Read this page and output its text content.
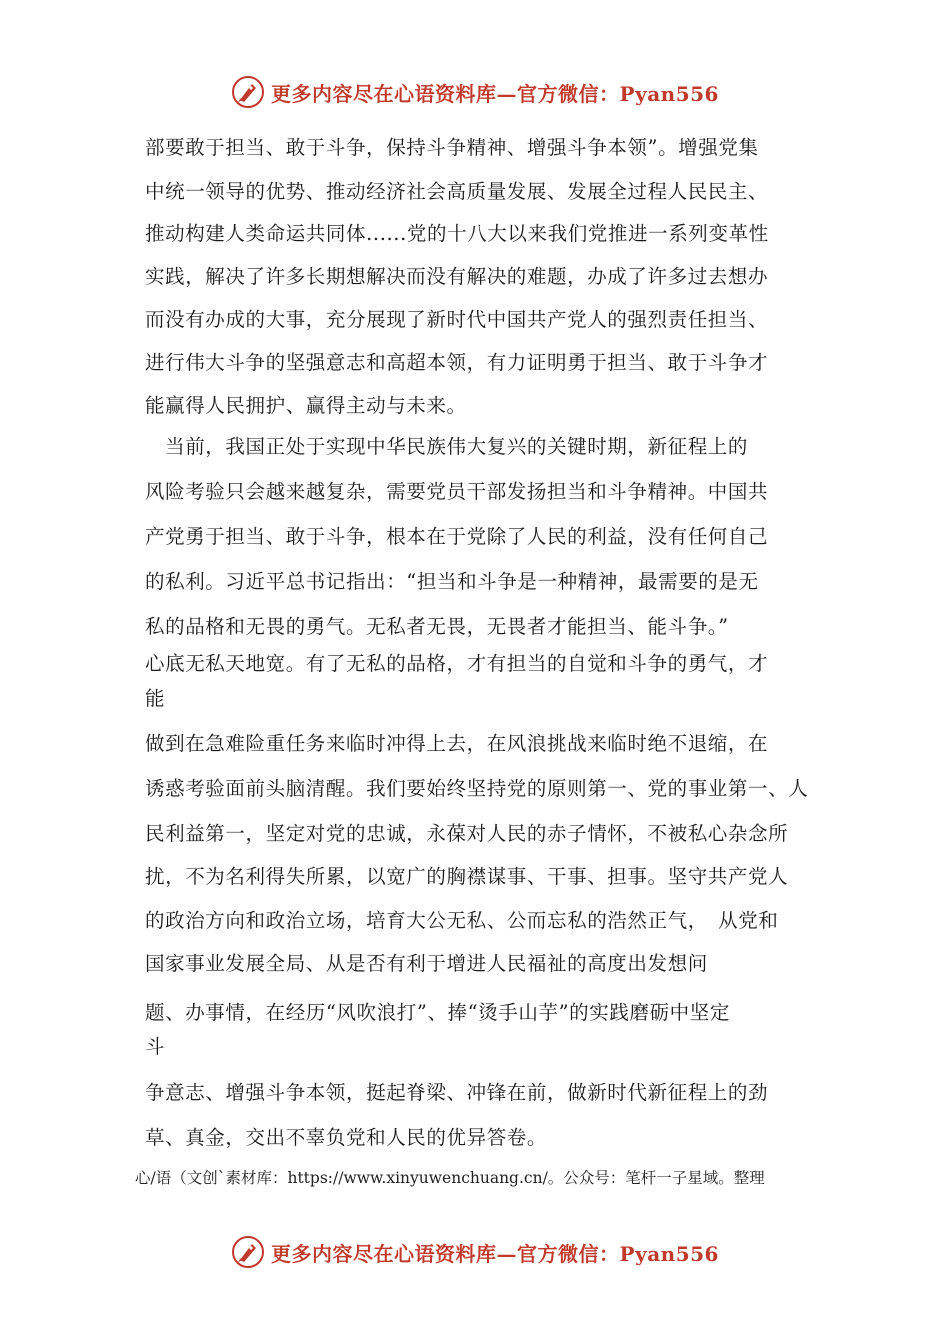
更多内容尽在心语资料库—官方微信：Pyan556
部要敢于担当、敢于斗争，保持斗争精神、增强斗争本领”。增强党集
中统一领导的优势、推动经济社会高质量发展、发展全过程人民民主、
推动构建人类命运共同体......党的十八大以来我们党推进一系列变革性
实践，解决了许多长期想解决而没有解决的难题，办成了许多过去想办
而没有办成的大事，充分展现了新时代中国共产党人的强烈责任担当、
进行伟大斗争的坚强意志和高超本领，有力证明勇于担当、敢于斗争才
能赢得人民拥护、赢得主动与未来。
　当前，我国正处于实现中华民族伟大复兴的关键时期，新征程上的
风险考验只会越来越复杂，需要党员干部发扬担当和斗争精神。中国共
产党勇于担当、敢于斗争，根本在于党除了人民的利益，没有任何自己
的私利。习近平总书记指出：“担当和斗争是一种精神，最需要的是无
私的品格和无畏的勇气。无私者无畏，无畏者才能担当、能斗争。”
心底无私天地宽。有了无私的品格，才有担当的自觉和斗争的勇气，才
能
做到在急难险重任务来临时冲得上去，在风浪挑战来临时绝不退缩，在
诱惑考验面前头脑清醒。我们要始终坚持党的原则第一、党的事业第一、人
民利益第一，坚定对党的忠诚，永葆对人民的赤子情怀，不被私心杂念所
扰，不为名利得失所累，以宽广的胸襟谋事、干事、担事。坚守共产党人
的政治方向和政治立场，培育大公无私、公而忘私的浩然正气，　从党和
国家事业发展全局、从是否有利于增进人民福祉的高度出发想问
题、办事情，在经历“风吹浪打”、捧“烫手山芋”的实践磨砺中坚定
斗
争意志、增强斗争本领，挺起脊梁、冲锋在前，做新时代新征程上的劲
草、真金，交出不辜负党和人民的优异答卷。
心/语（文创`素材库：https://www.xinyuwenchuang.cn/。公众号：笔杆一子星域。整理
更多内容尽在心语资料库—官方微信：Pyan556
